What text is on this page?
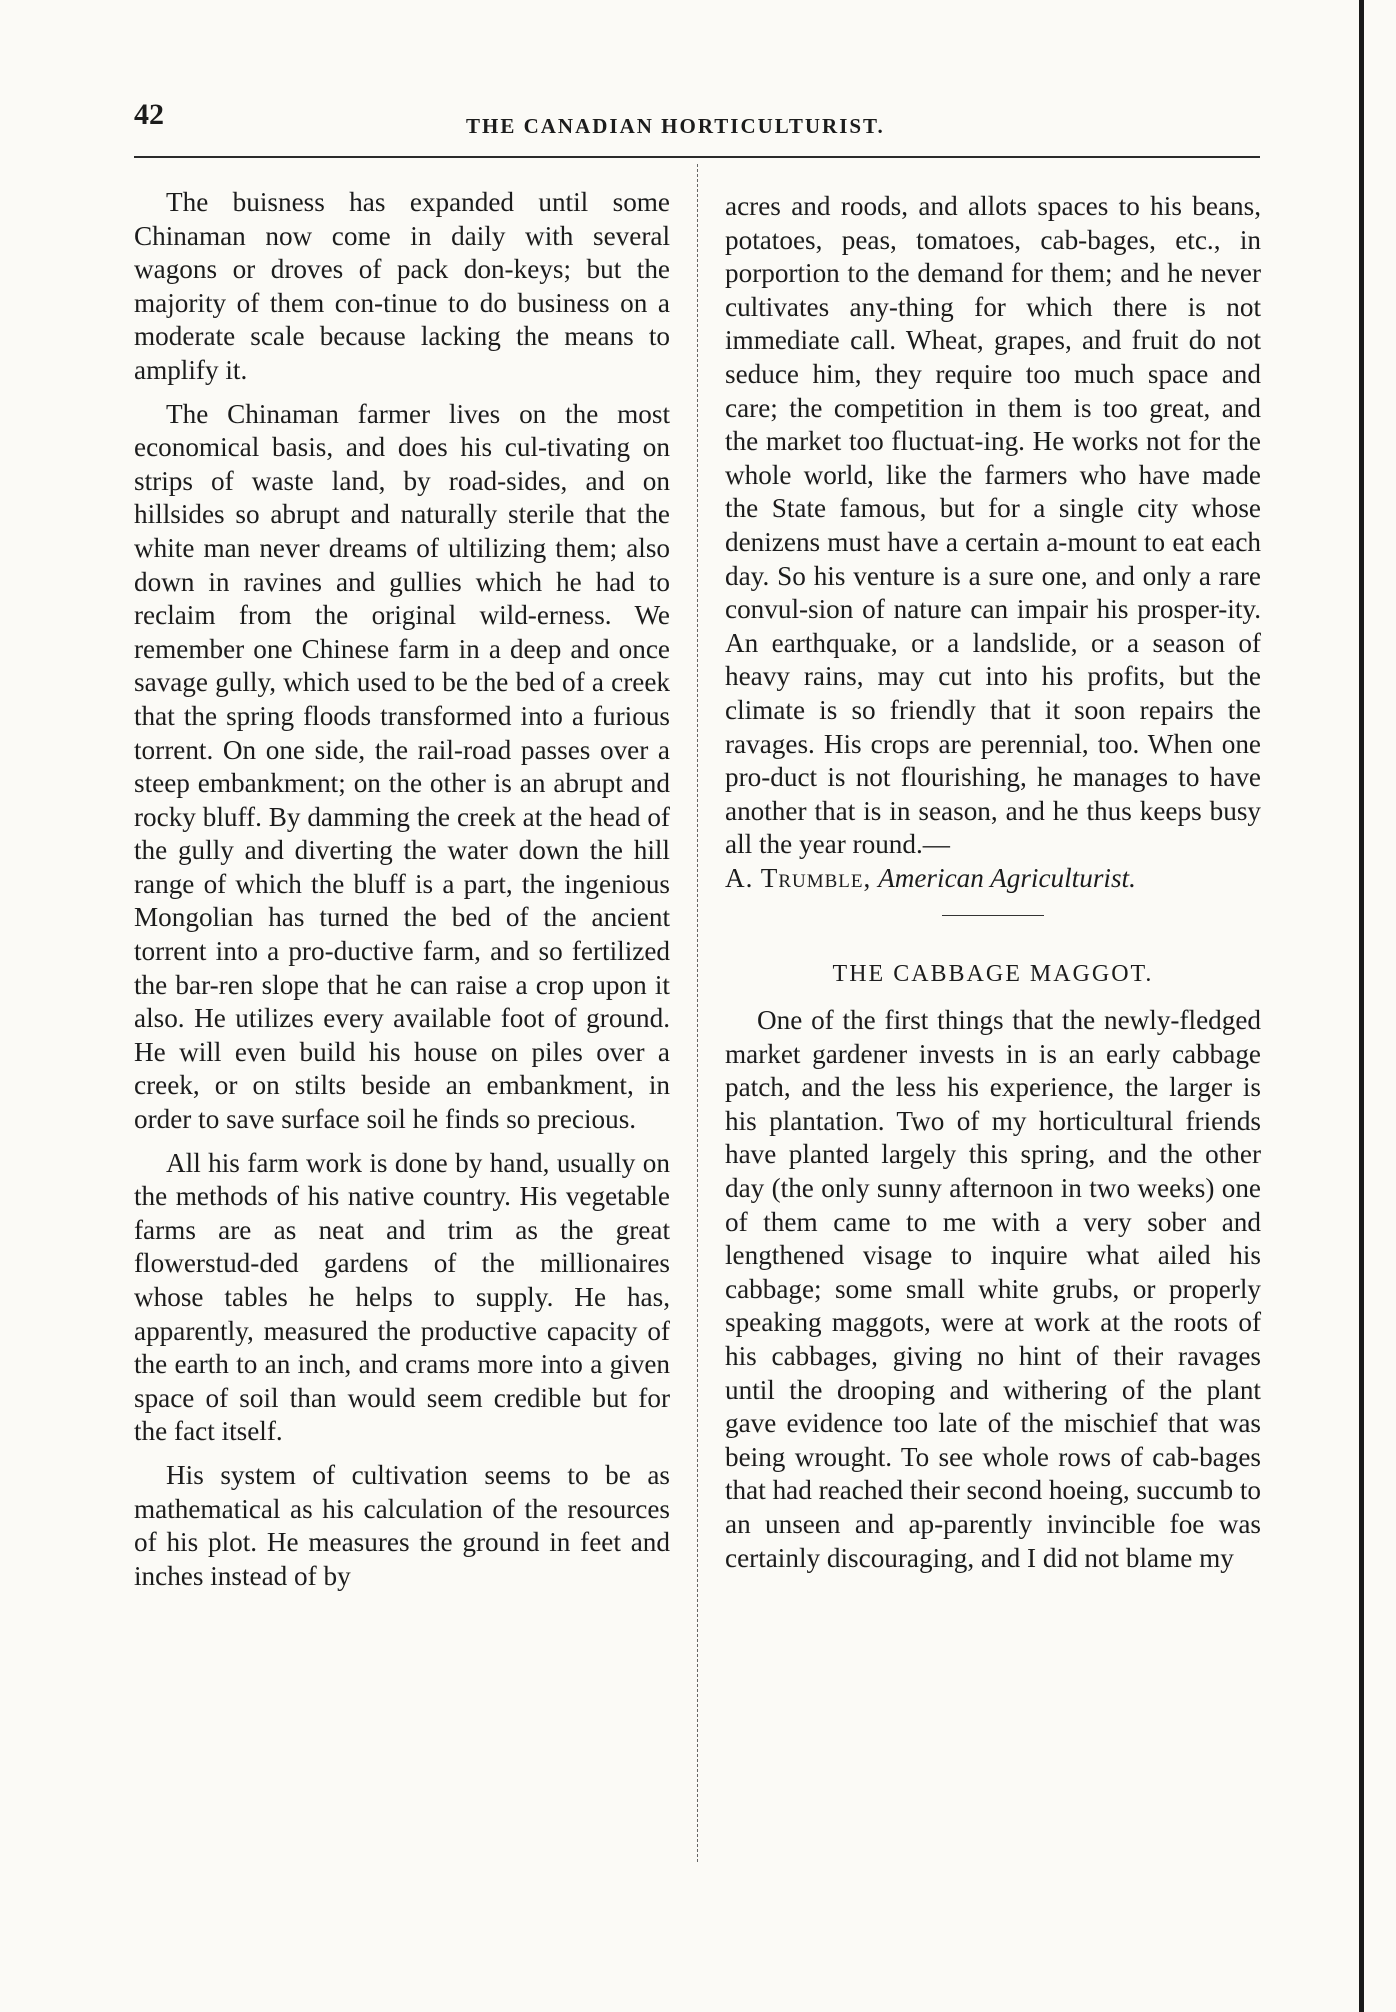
42	THE CANADIAN HORTICULTURIST.

The buisness has expanded until some Chinaman now come in daily with several wagons or droves of pack don-keys; but the majority of them con-tinue to do business on a moderate scale because lacking the means to amplify it.

The Chinaman farmer lives on the most economical basis, and does his cul-tivating on strips of waste land, by road-sides, and on hillsides so abrupt and naturally sterile that the white man never dreams of ultilizing them; also down in ravines and gullies which he had to reclaim from the original wild-erness. We remember one Chinese farm in a deep and once savage gully, which used to be the bed of a creek that the spring floods transformed into a furious torrent. On one side, the rail-road passes over a steep embankment; on the other is an abrupt and rocky bluff. By damming the creek at the head of the gully and diverting the water down the hill range of which the bluff is a part, the ingenious Mongolian has turned the bed of the ancient torrent into a pro-ductive farm, and so fertilized the bar-ren slope that he can raise a crop upon it also. He utilizes every available foot of ground. He will even build his house on piles over a creek, or on stilts beside an embankment, in order to save surface soil he finds so precious.

All his farm work is done by hand, usually on the methods of his native country. His vegetable farms are as neat and trim as the great flowerstud-ded gardens of the millionaires whose tables he helps to supply. He has, apparently, measured the productive capacity of the earth to an inch, and crams more into a given space of soil than would seem credible but for the fact itself.

His system of cultivation seems to be as mathematical as his calculation of the resources of his plot. He measures the ground in feet and inches instead of by

acres and roods, and allots spaces to his beans, potatoes, peas, tomatoes, cab-bages, etc., in porportion to the demand for them; and he never cultivates any-thing for which there is not immediate call. Wheat, grapes, and fruit do not seduce him, they require too much space and care; the competition in them is too great, and the market too fluctuat-ing. He works not for the whole world, like the farmers who have made the State famous, but for a single city whose denizens must have a certain a-mount to eat each day. So his venture is a sure one, and only a rare convul-sion of nature can impair his prosper-ity. An earthquake, or a landslide, or a season of heavy rains, may cut into his profits, but the climate is so friendly that it soon repairs the ravages. His crops are perennial, too. When one pro-duct is not flourishing, he manages to have another that is in season, and he thus keeps busy all the year round.—
A. Trumble, American Agriculturist.

THE CABBAGE MAGGOT.

One of the first things that the newly-fledged market gardener invests in is an early cabbage patch, and the less his experience, the larger is his plantation. Two of my horticultural friends have planted largely this spring, and the other day (the only sunny afternoon in two weeks) one of them came to me with a very sober and lengthened visage to inquire what ailed his cabbage; some small white grubs, or properly speaking maggots, were at work at the roots of his cabbages, giving no hint of their ravages until the drooping and withering of the plant gave evidence too late of the mischief that was being wrought. To see whole rows of cab-bages that had reached their second hoeing, succumb to an unseen and ap-parently invincible foe was certainly discouraging, and I did not blame my
